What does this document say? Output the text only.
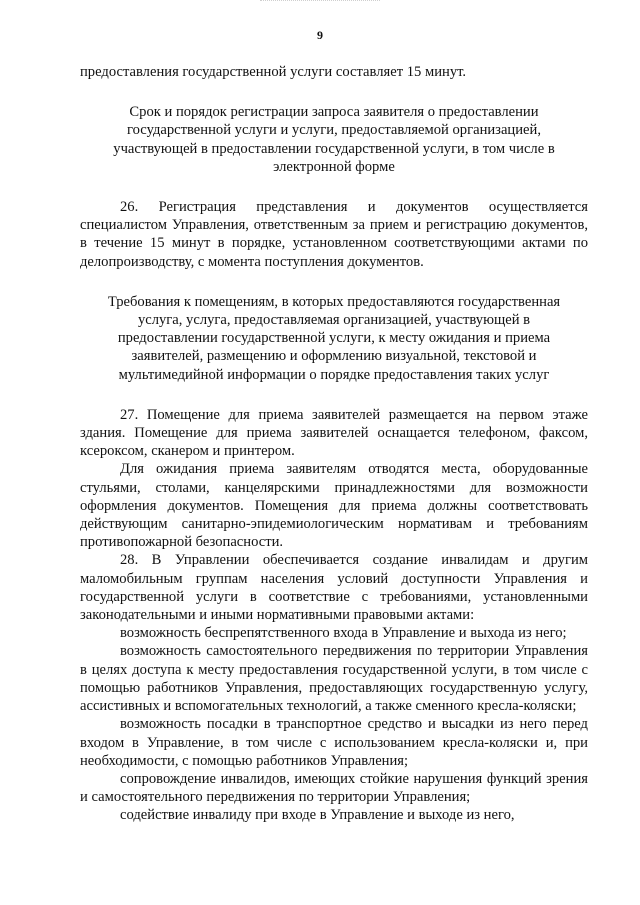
9

предоставления государственной услуги составляет 15 минут.

Срок и порядок регистрации запроса заявителя о предоставлении государственной услуги и услуги, предоставляемой организацией, участвующей в предоставлении государственной услуги, в том числе в электронной форме

26. Регистрация представления и документов осуществляется специалистом Управления, ответственным за прием и регистрацию документов, в течение 15 минут в порядке, установленном соответствующими актами по делопроизводству, с момента поступления документов.

Требования к помещениям, в которых предоставляются государственная услуга, услуга, предоставляемая организацией, участвующей в предоставлении государственной услуги, к месту ожидания и приема заявителей, размещению и оформлению визуальной, текстовой и мультимедийной информации о порядке предоставления таких услуг

27. Помещение для приема заявителей размещается на первом этаже здания. Помещение для приема заявителей оснащается телефоном, факсом, ксероксом, сканером и принтером.

Для ожидания приема заявителям отводятся места, оборудованные стульями, столами, канцелярскими принадлежностями для возможности оформления документов. Помещения для приема должны соответствовать действующим санитарно-эпидемиологическим нормативам и требованиям противопожарной безопасности.

28. В Управлении обеспечивается создание инвалидам и другим маломобильным группам населения условий доступности Управления и государственной услуги в соответствие с требованиями, установленными законодательными и иными нормативными правовыми актами:

возможность беспрепятственного входа в Управление и выхода из него;

возможность самостоятельного передвижения по территории Управления в целях доступа к месту предоставления государственной услуги, в том числе с помощью работников Управления, предоставляющих государственную услугу, ассистивных и вспомогательных технологий, а также сменного кресла-коляски;

возможность посадки в транспортное средство и высадки из него перед входом в Управление, в том числе с использованием кресла-коляски и, при необходимости, с помощью работников Управления;

сопровождение инвалидов, имеющих стойкие нарушения функций зрения и самостоятельного передвижения по территории Управления;

содействие инвалиду при входе в Управление и выходе из него,
